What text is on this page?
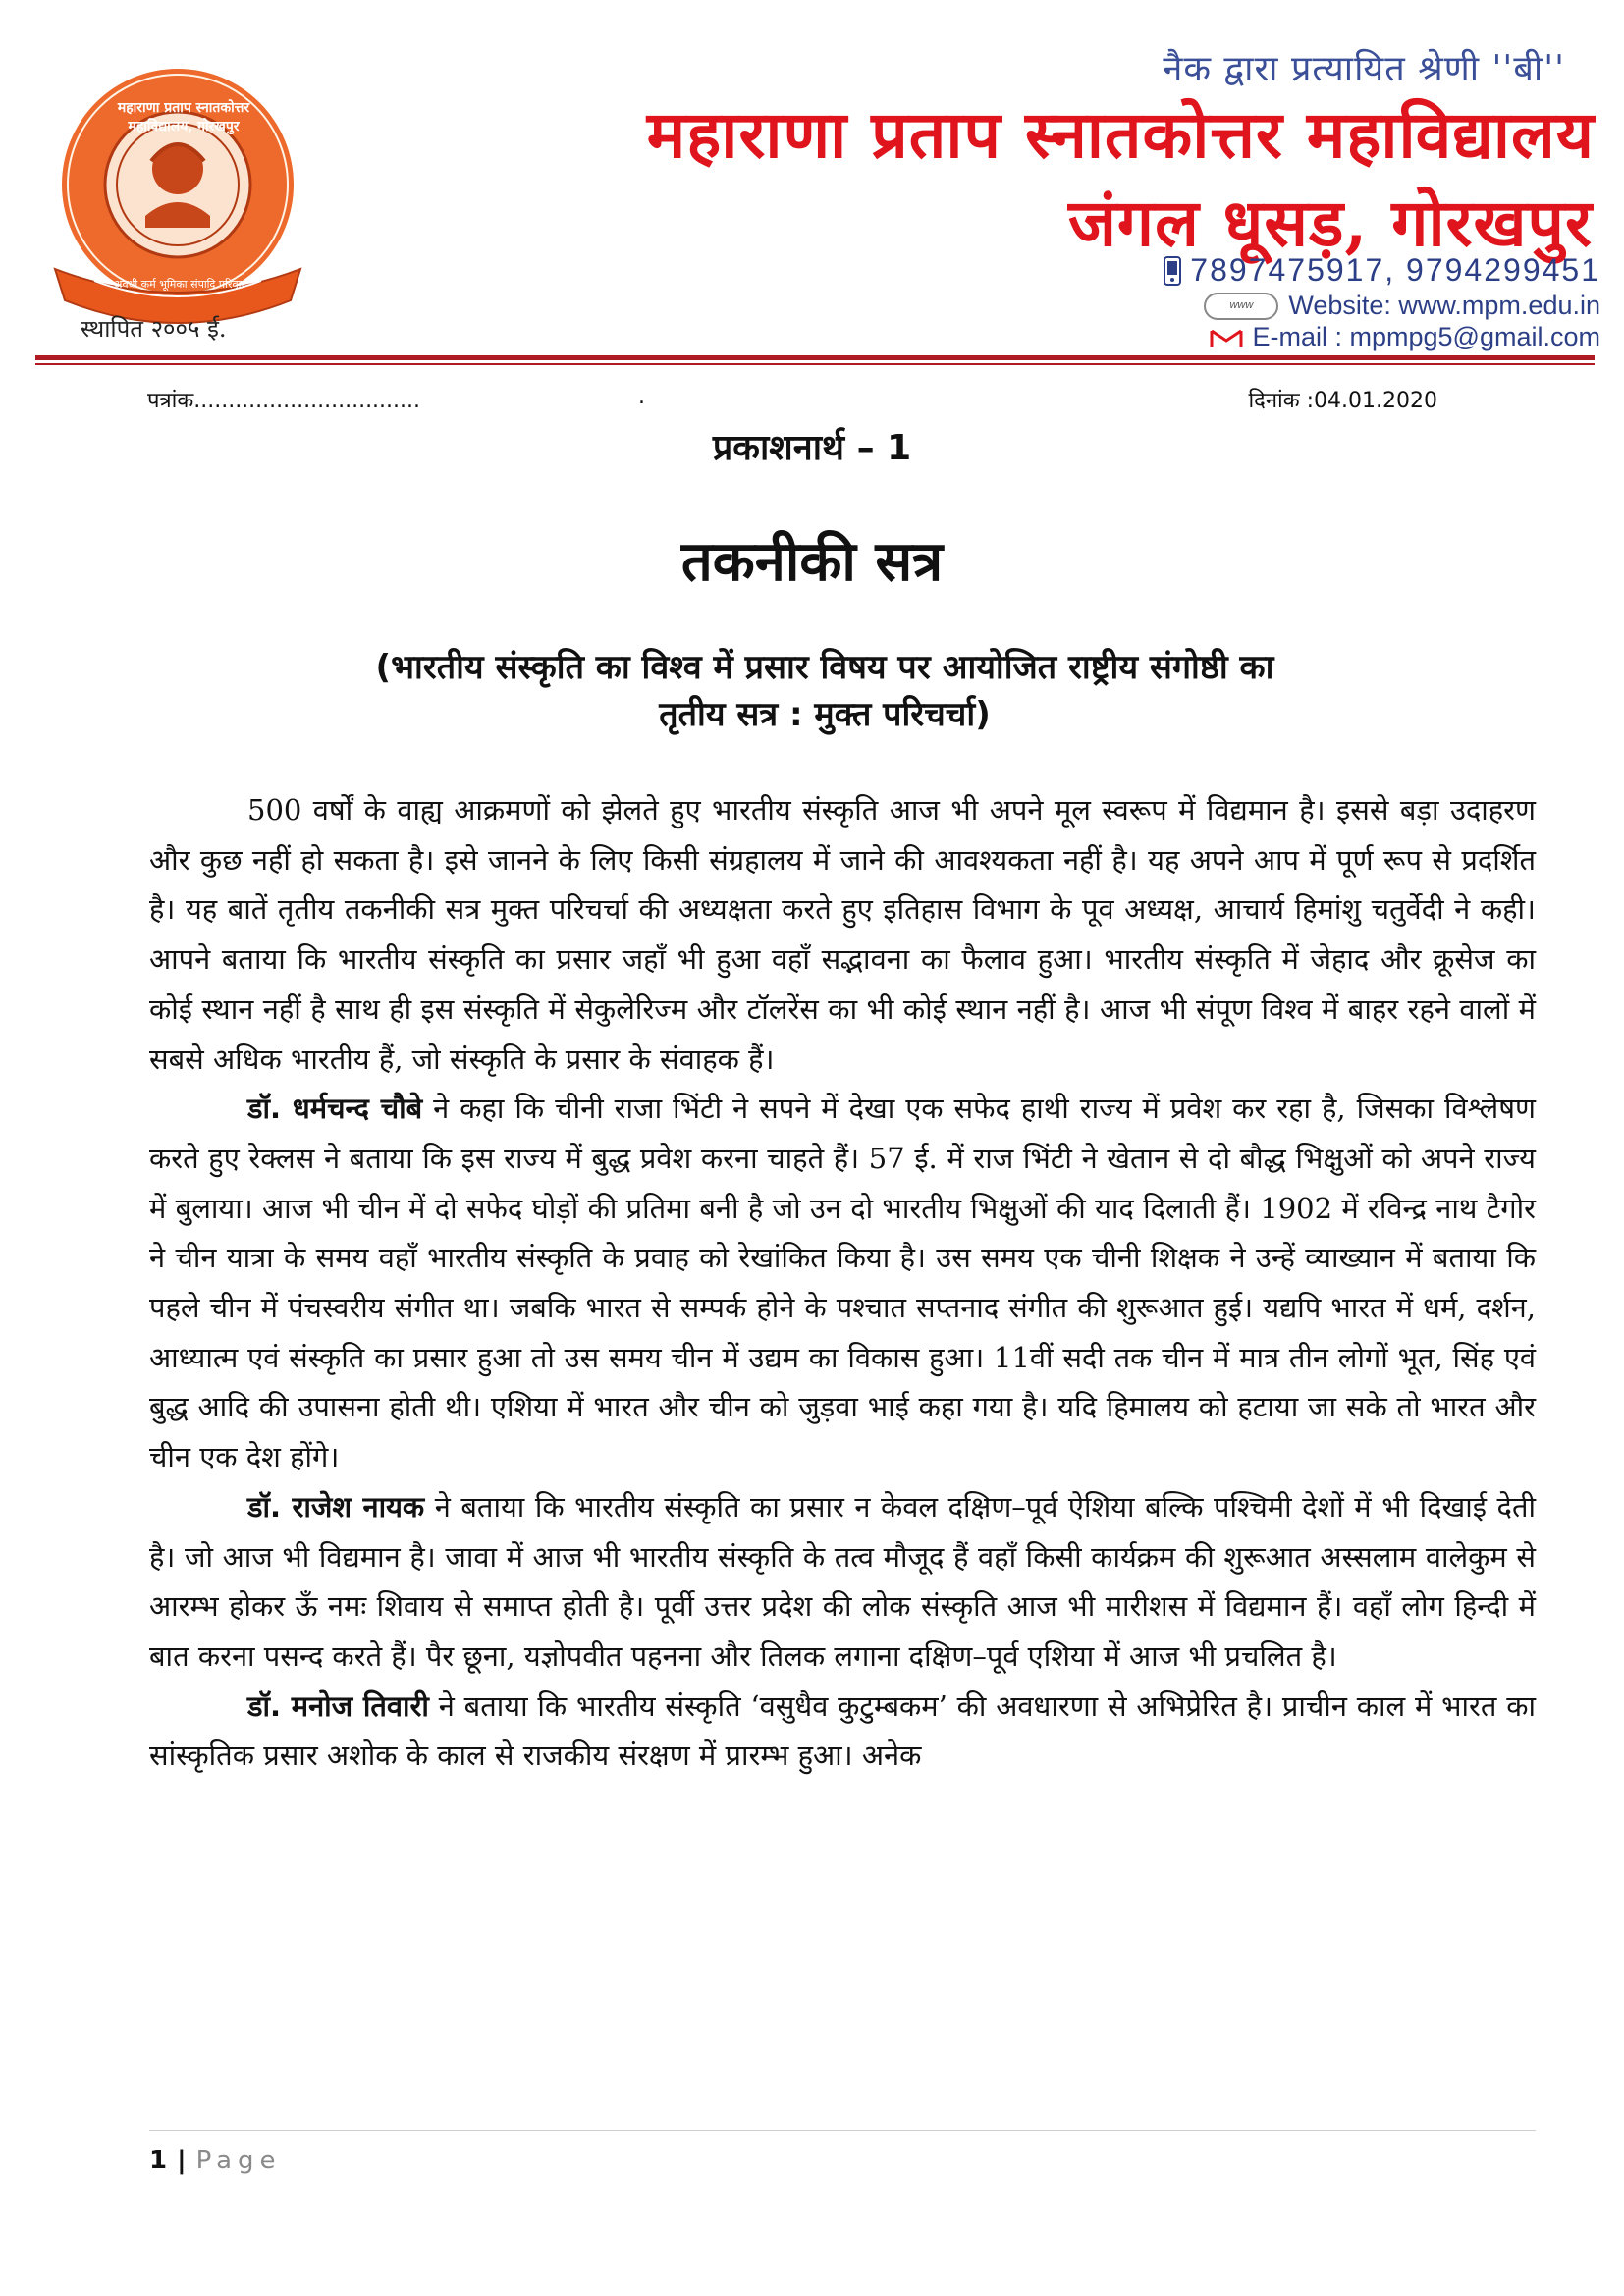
महाराणा प्रताप स्नातकोत्तर महाविद्यालय, गोरखपुर
अवधी कर्म भूमिका संपादि परिवार
स्थापित २००५ ई.
नैक द्वारा प्रत्यायित श्रेणी ''बी''
महाराणा प्रताप स्नातकोत्तर महाविद्यालय
जंगल धूसड़, गोरखपुर
7897475917, 9794299451
www	Website: www.mpm.edu.in
E-mail : mpmpg5@gmail.com
पत्रांक.................................	.	दिनांक :04.01.2020
प्रकाशनार्थ – 1
तकनीकी सत्र
(भारतीय संस्कृति का विश्व में प्रसार विषय पर आयोजित राष्ट्रीय संगोष्ठी का
तृतीय सत्र : मुक्त परिचर्चा)

500 वर्षों के वाह्य आक्रमणों को झेलते हुए भारतीय संस्कृति आज भी अपने मूल स्वरूप में विद्यमान है। इससे बड़ा उदाहरण और कुछ नहीं हो सकता है। इसे जानने के लिए किसी संग्रहालय में जाने की आवश्यकता नहीं है। यह अपने आप में पूर्ण रूप से प्रदर्शित है। यह बातें तृतीय तकनीकी सत्र मुक्त परिचर्चा की अध्यक्षता करते हुए इतिहास विभाग के पूव अध्यक्ष, आचार्य हिमांशु चतुर्वेदी ने कही। आपने बताया कि भारतीय संस्कृति का प्रसार जहाँ भी हुआ वहाँ सद्भावना का फैलाव हुआ। भारतीय संस्कृति में जेहाद और क्रूसेज का कोई स्थान नहीं है साथ ही इस संस्कृति में सेकुलेरिज्म और टॉलरेंस का भी कोई स्थान नहीं है। आज भी संपूण विश्व में बाहर रहने वालों में सबसे अधिक भारतीय हैं, जो संस्कृति के प्रसार के संवाहक हैं।

डॉ. धर्मचन्द चौबे ने कहा कि चीनी राजा भिंटी ने सपने में देखा एक सफेद हाथी राज्य में प्रवेश कर रहा है, जिसका विश्लेषण करते हुए रेक्लस ने बताया कि इस राज्य में बुद्ध प्रवेश करना चाहते हैं। 57 ई. में राज भिंटी ने खेतान से दो बौद्ध भिक्षुओं को अपने राज्य में बुलाया। आज भी चीन में दो सफेद घोड़ों की प्रतिमा बनी है जो उन दो भारतीय भिक्षुओं की याद दिलाती हैं। 1902 में रविन्द्र नाथ टैगोर ने चीन यात्रा के समय वहाँ भारतीय संस्कृति के प्रवाह को रेखांकित किया है। उस समय एक चीनी शिक्षक ने उन्हें व्याख्यान में बताया कि पहले चीन में पंचस्वरीय संगीत था। जबकि भारत से सम्पर्क होने के पश्चात सप्तनाद संगीत की शुरूआत हुई। यद्यपि भारत में धर्म, दर्शन, आध्यात्म एवं संस्कृति का प्रसार हुआ तो उस समय चीन में उद्यम का विकास हुआ। 11वीं सदी तक चीन में मात्र तीन लोगों भूत, सिंह एवं बुद्ध आदि की उपासना होती थी। एशिया में भारत और चीन को जुड़वा भाई कहा गया है। यदि हिमालय को हटाया जा सके तो भारत और चीन एक देश होंगे।

डॉ. राजेश नायक ने बताया कि भारतीय संस्कृति का प्रसार न केवल दक्षिण–पूर्व ऐशिया बल्कि पश्चिमी देशों में भी दिखाई देती है। जो आज भी विद्यमान है। जावा में आज भी भारतीय संस्कृति के तत्व मौजूद हैं वहाँ किसी कार्यक्रम की शुरूआत अस्सलाम वालेकुम से आरम्भ होकर ऊँ नमः शिवाय से समाप्त होती है। पूर्वी उत्तर प्रदेश की लोक संस्कृति आज भी मारीशस में विद्यमान हैं। वहाँ लोग हिन्दी में बात करना पसन्द करते हैं। पैर छूना, यज्ञोपवीत पहनना और तिलक लगाना दक्षिण–पूर्व एशिया में आज भी प्रचलित है।

डॉ. मनोज तिवारी ने बताया कि भारतीय संस्कृति ‘वसुधैव कुटुम्बकम’ की अवधारणा से अभिप्रेरित है। प्राचीन काल में भारत का सांस्कृतिक प्रसार अशोक के काल से राजकीय संरक्षण में प्रारम्भ हुआ। अनेक

1 | Page
